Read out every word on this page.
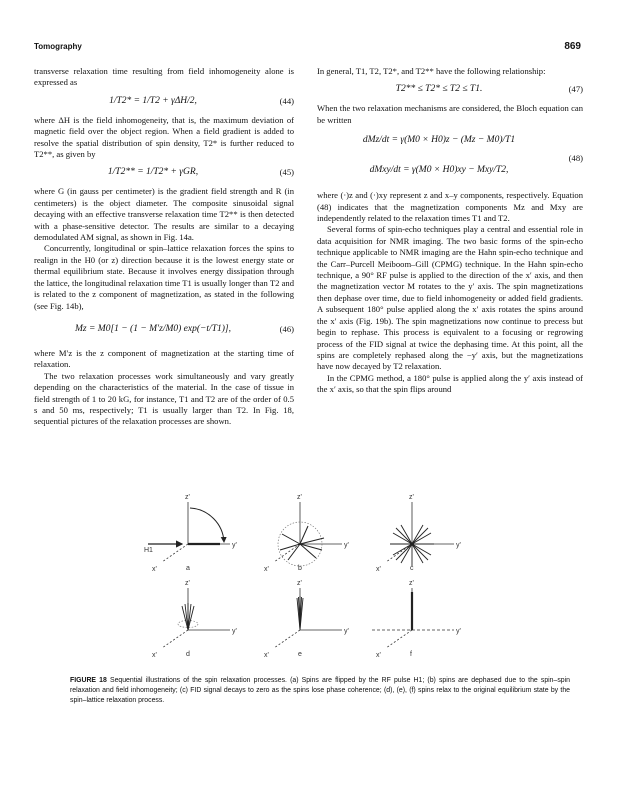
Tomography	869

transverse relaxation time resulting from field inhomogeneity alone is expressed as

1/T2* = 1/T2 + γΔH/2,	(44)

where ΔH is the field inhomogeneity, that is, the maximum deviation of magnetic field over the object region. When a field gradient is added to resolve the spatial distribution of spin density, T2* is further reduced to T2**, as given by

1/T2** = 1/T2* + γGR,	(45)

where G (in gauss per centimeter) is the gradient field strength and R (in centimeters) is the object diameter. The composite sinusoidal signal decaying with an effective transverse relaxation time T2** is then detected with a phase-sensitive detector. The results are similar to a decaying demodulated AM signal, as shown in Fig. 14a.

Concurrently, longitudinal or spin–lattice relaxation forces the spins to realign in the H0 (or z) direction because it is the lowest energy state or thermal equilibrium state. Because it involves energy dissipation through the lattice, the longitudinal relaxation time T1 is usually longer than T2 and is related to the z component of magnetization, as stated in the following (see Fig. 14b),

Mz = M0[1 − (1 − M′z/M0) exp(−t/T1)],	(46)

where M′z is the z component of magnetization at the starting time of relaxation.

The two relaxation processes work simultaneously and vary greatly depending on the characteristics of the material. In the case of tissue in field strength of 1 to 20 kG, for instance, T1 and T2 are of the order of 0.5 s and 50 ms, respectively; T1 is usually larger than T2. In Fig. 18, sequential pictures of the relaxation processes are shown.

In general, T1, T2, T2*, and T2** have the following relationship:

T2** ≤ T2* ≤ T2 ≤ T1.	(47)

When the two relaxation mechanisms are considered, the Bloch equation can be written

dMz/dt = γ(M0 × H0)z − (Mz − M0)/T1
dMxy/dt = γ(M0 × H0)xy − Mxy/T2,
(48)

where (·)z and (·)xy represent z and x–y components, respectively. Equation (48) indicates that the magnetization components Mz and Mxy are independently related to the relaxation times T1 and T2.

Several forms of spin-echo techniques play a central and essential role in data acquisition for NMR imaging. The two basic forms of the spin-echo technique applicable to NMR imaging are the Hahn spin-echo technique and the Carr–Purcell Meiboom–Gill (CPMG) technique. In the Hahn spin-echo technique, a 90° RF pulse is applied to the direction of the x′ axis, and then the magnetization vector M rotates to the y′ axis. The spin magnetizations then dephase over time, due to field inhomogeneity or added field gradients. A subsequent 180° pulse applied along the x′ axis rotates the spins around the x′ axis (Fig. 19b). The spin magnetizations now continue to precess but begin to rephase. This process is equivalent to a focusing or regrowing process of the FID signal at twice the dephasing time. At this point, all the spins are completely rephased along the −y′ axis, but the magnetizations have now decayed by T2 relaxation.

In the CPMG method, a 180° pulse is applied along the y′ axis instead of the x′ axis, so that the spin flips around

z'
y'
x'
H1
a
z'
y'
x'	b
z'
y'
x'	c
z'
y'
x'	d
z'
y'
x'	e
z'
y'
x'	f
FIGURE 18 Sequential illustrations of the spin relaxation processes. (a) Spins are flipped by the RF pulse H1; (b) spins are dephased due to the spin–spin relaxation and field inhomogeneity; (c) FID signal decays to zero as the spins lose phase coherence; (d), (e), (f) spins relax to the original equilibrium state by the spin–lattice relaxation process.
